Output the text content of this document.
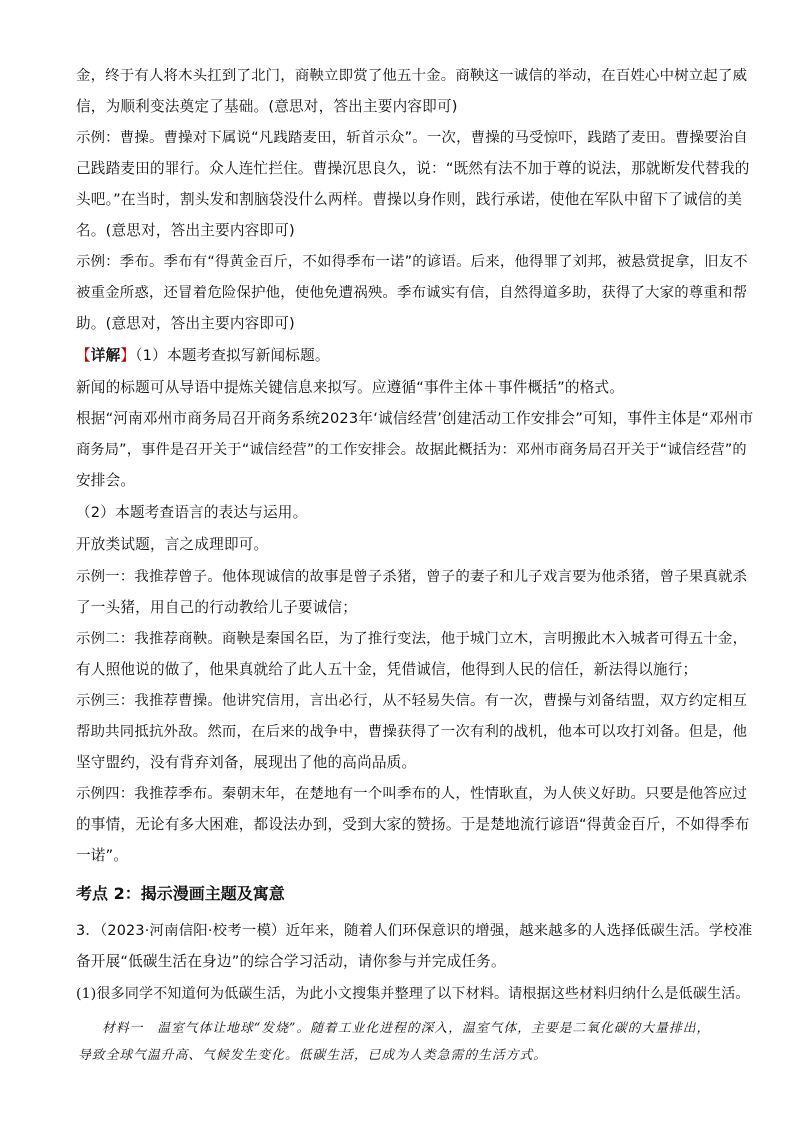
金，终于有人将木头扛到了北门，商鞅立即赏了他五十金。商鞅这一诚信的举动，在百姓心中树立起了威
信，为顺利变法奠定了基础。(意思对，答出主要内容即可)
示例：曹操。曹操对下属说“凡践踏麦田，斩首示众”。一次，曹操的马受惊吓，践踏了麦田。曹操要治自
己践踏麦田的罪行。众人连忙拦住。曹操沉思良久，说：“既然有法不加于尊的说法，那就断发代替我的
头吧。”在当时，割头发和割脑袋没什么两样。曹操以身作则，践行承诺，使他在军队中留下了诚信的美
名。(意思对，答出主要内容即可)
示例：季布。季布有“得黄金百斤，不如得季布一诺”的谚语。后来，他得罪了刘邦，被悬赏捉拿，旧友不
被重金所惑，还冒着危险保护他，使他免遭祸殃。季布诚实有信，自然得道多助，获得了大家的尊重和帮
助。(意思对，答出主要内容即可)
【详解】（1）本题考查拟写新闻标题。
新闻的标题可从导语中提炼关键信息来拟写。应遵循“事件主体＋事件概括”的格式。
根据“河南邓州市商务局召开商务系统2023年‘诚信经营’创建活动工作安排会”可知，事件主体是“邓州市
商务局”，事件是召开关于“诚信经营”的工作安排会。故据此概括为：邓州市商务局召开关于“诚信经营”的
安排会。
（2）本题考查语言的表达与运用。
开放类试题，言之成理即可。
示例一：我推荐曾子。他体现诚信的故事是曾子杀猪，曾子的妻子和儿子戏言要为他杀猪，曾子果真就杀
了一头猪，用自己的行动教给儿子要诚信；
示例二：我推荐商鞅。商鞅是秦国名臣，为了推行变法，他于城门立木，言明搬此木入城者可得五十金，
有人照他说的做了，他果真就给了此人五十金，凭借诚信，他得到人民的信任，新法得以施行；
示例三：我推荐曹操。他讲究信用，言出必行，从不轻易失信。有一次，曹操与刘备结盟，双方约定相互
帮助共同抵抗外敌。然而，在后来的战争中，曹操获得了一次有利的战机，他本可以攻打刘备。但是，他
坚守盟约，没有背弃刘备，展现出了他的高尚品质。
示例四：我推荐季布。秦朝末年，在楚地有一个叫季布的人，性情耿直，为人侠义好助。只要是他答应过
的事情，无论有多大困难，都设法办到，受到大家的赞扬。于是楚地流行谚语“得黄金百斤，不如得季布
一诺”。
考点 2：揭示漫画主题及寓意
3．（2023·河南信阳·校考一模）近年来，随着人们环保意识的增强，越来越多的人选择低碳生活。学校准
备开展“低碳生活在身边”的综合学习活动，请你参与并完成任务。
(1)很多同学不知道何为低碳生活，为此小文搜集并整理了以下材料。请根据这些材料归纳什么是低碳生活。
材料一　温室气体让地球“发烧”。随着工业化进程的深入，温室气体，主要是二氧化碳的大量排出，
导致全球气温升高、气候发生变化。低碳生活，已成为人类急需的生活方式。
